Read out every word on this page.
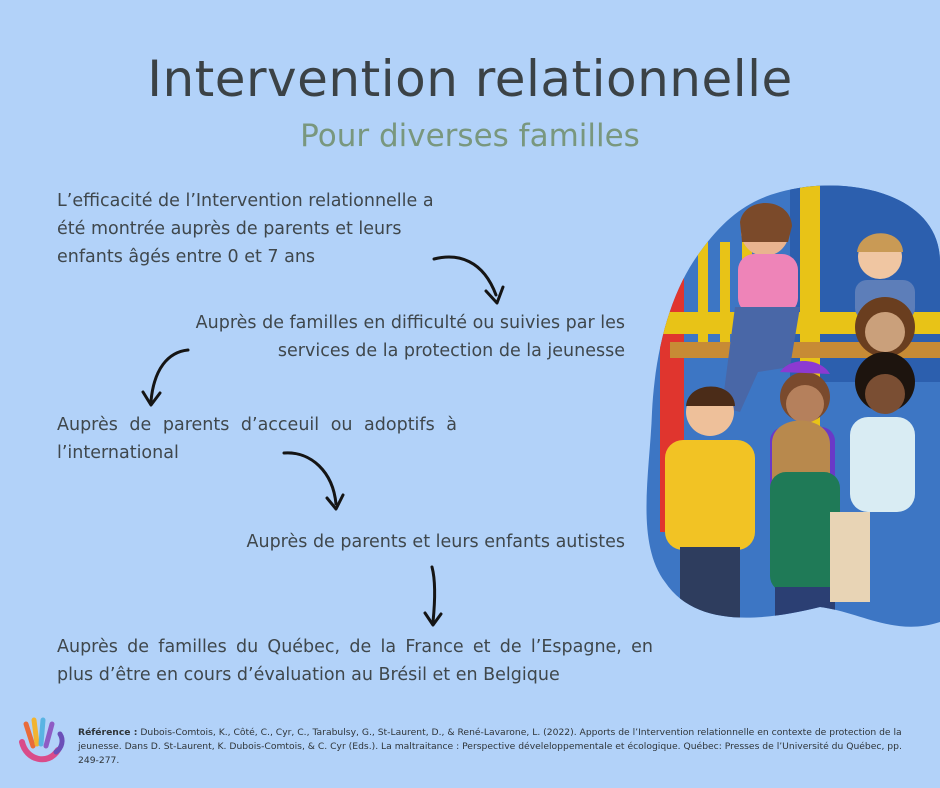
Intervention relationnelle
Pour diverses familles
L’efficacité de l’Intervention relationnelle a été montrée auprès de parents et leurs enfants âgés entre 0 et 7 ans
Auprès de familles en difficulté ou suivies par les services de la protection de la jeunesse
Auprès de parents d’acceuil ou adoptifs à l’international
Auprès de parents et leurs enfants autistes
Auprès de familles du Québec, de la France et de l’Espagne, en plus d’être en cours d’évaluation au Brésil et en Belgique
Référence : Dubois-Comtois, K., Côté, C., Cyr, C., Tarabulsy, G., St-Laurent, D., & René-Lavarone, L. (2022). Apports de l’Intervention relationnelle en contexte de protection de la jeunesse. Dans D. St-Laurent, K. Dubois-Comtois, & C. Cyr (Eds.). La maltraitance : Perspective déveleloppementale et écologique. Québec: Presses de l’Université du Québec, pp. 249-277.
